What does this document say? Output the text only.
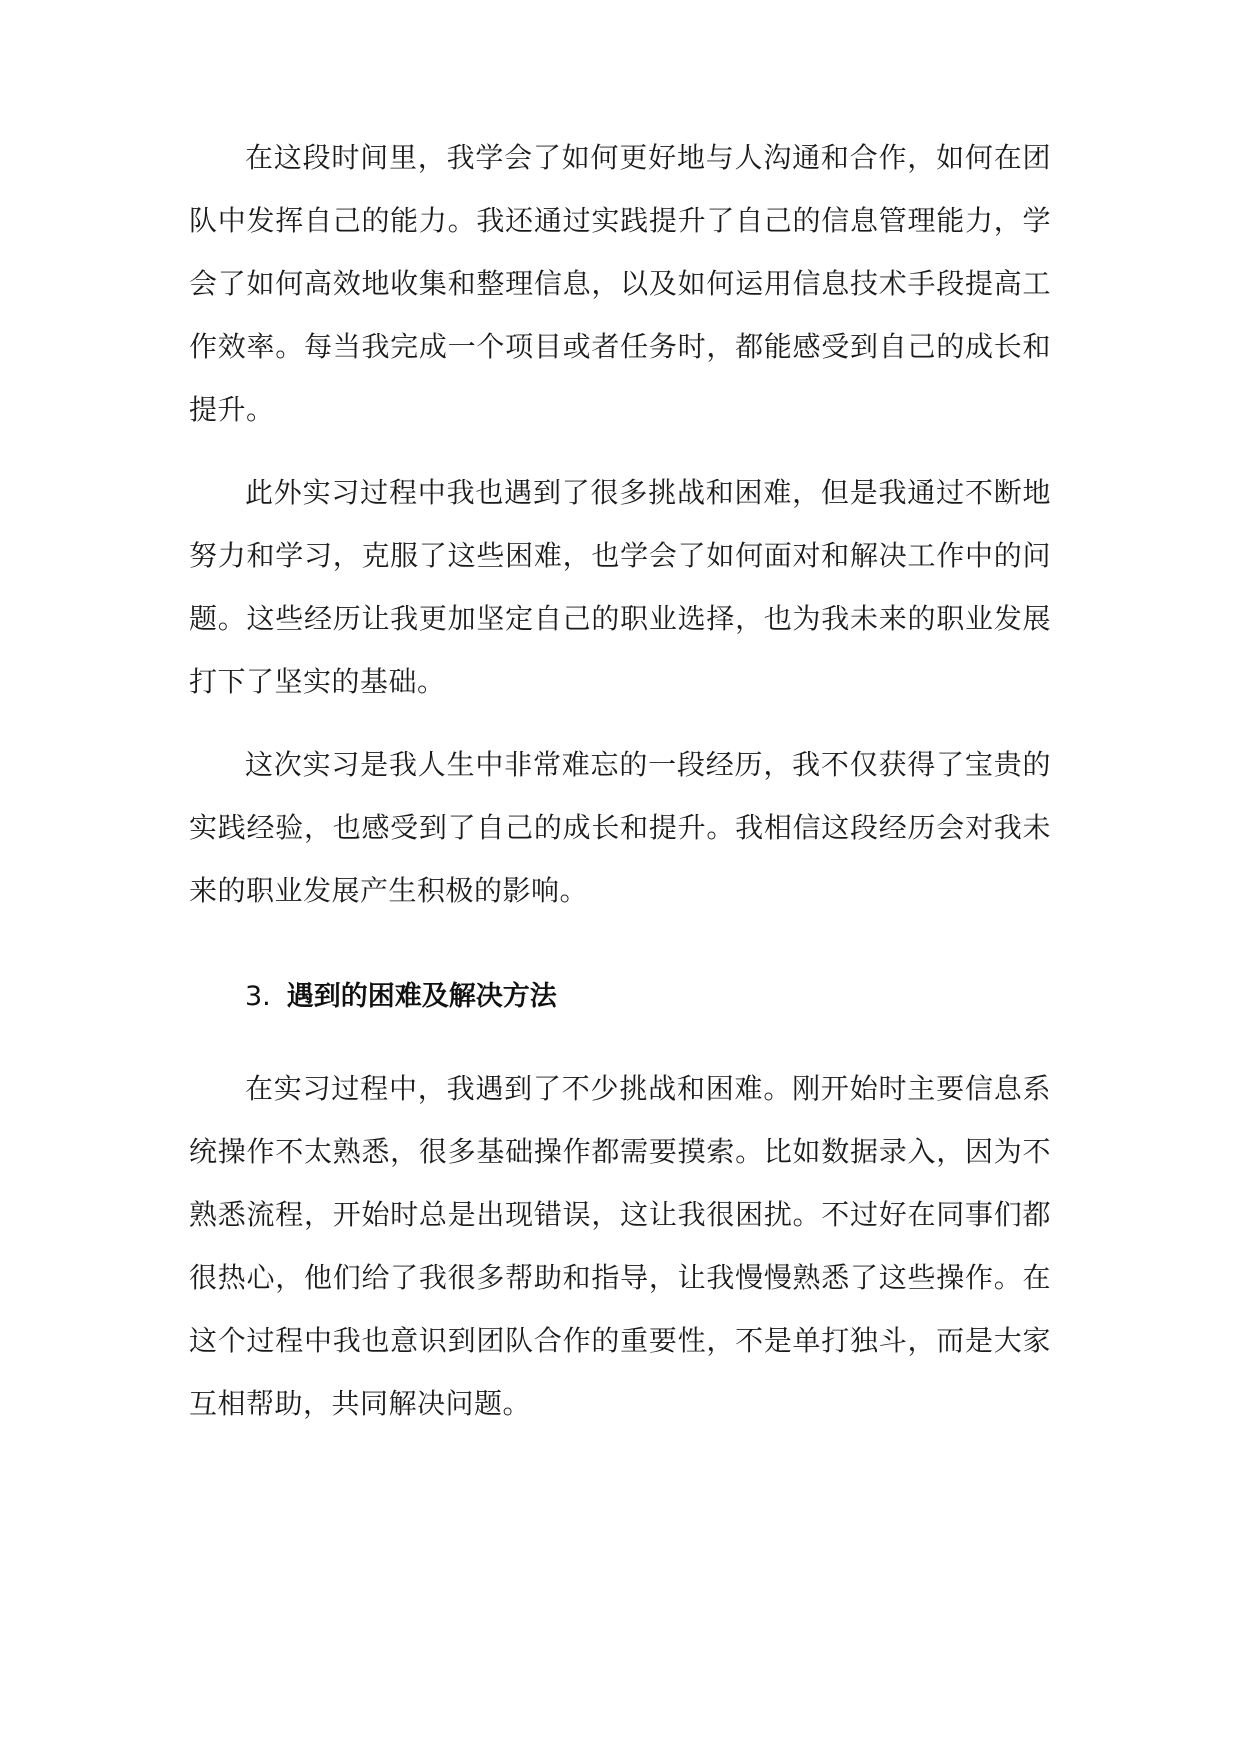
在这段时间里，我学会了如何更好地与人沟通和合作，如何在团
队中发挥自己的能力。我还通过实践提升了自己的信息管理能力，学
会了如何高效地收集和整理信息，以及如何运用信息技术手段提高工
作效率。每当我完成一个项目或者任务时，都能感受到自己的成长和
提升。
此外实习过程中我也遇到了很多挑战和困难，但是我通过不断地
努力和学习，克服了这些困难，也学会了如何面对和解决工作中的问
题。这些经历让我更加坚定自己的职业选择，也为我未来的职业发展
打下了坚实的基础。
这次实习是我人生中非常难忘的一段经历，我不仅获得了宝贵的
实践经验，也感受到了自己的成长和提升。我相信这段经历会对我未
来的职业发展产生积极的影响。
3. 遇到的困难及解决方法
在实习过程中，我遇到了不少挑战和困难。刚开始时主要信息系
统操作不太熟悉，很多基础操作都需要摸索。比如数据录入，因为不
熟悉流程，开始时总是出现错误，这让我很困扰。不过好在同事们都
很热心，他们给了我很多帮助和指导，让我慢慢熟悉了这些操作。在
这个过程中我也意识到团队合作的重要性，不是单打独斗，而是大家
互相帮助，共同解决问题。
